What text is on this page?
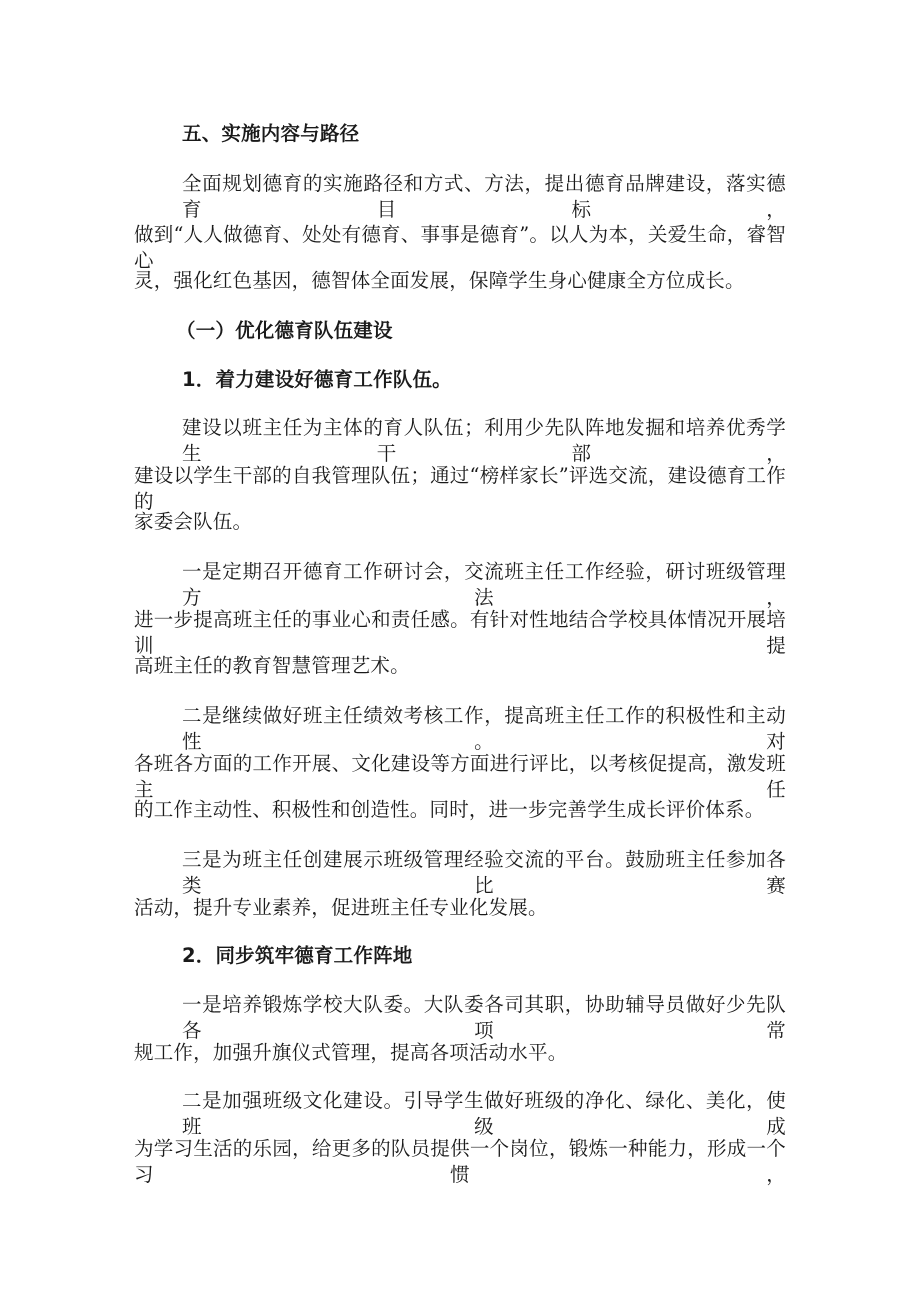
五、实施内容与路径
全面规划德育的实施路径和方式、方法，提出德育品牌建设，落实德育目标，
做到“人人做德育、处处有德育、事事是德育”。以人为本，关爱生命，睿智心
灵，强化红色基因，德智体全面发展，保障学生身心健康全方位成长。
（一）优化德育队伍建设
1．着力建设好德育工作队伍。
建设以班主任为主体的育人队伍；利用少先队阵地发掘和培养优秀学生干部，
建设以学生干部的自我管理队伍；通过“榜样家长”评选交流，建设德育工作的
家委会队伍。
一是定期召开德育工作研讨会，交流班主任工作经验，研讨班级管理方法，
进一步提高班主任的事业心和责任感。有针对性地结合学校具体情况开展培训提
高班主任的教育智慧管理艺术。
二是继续做好班主任绩效考核工作，提高班主任工作的积极性和主动性。对
各班各方面的工作开展、文化建设等方面进行评比，以考核促提高，激发班主任
的工作主动性、积极性和创造性。同时，进一步完善学生成长评价体系。
三是为班主任创建展示班级管理经验交流的平台。鼓励班主任参加各类比赛
活动，提升专业素养，促进班主任专业化发展。
2．同步筑牢德育工作阵地
一是培养锻炼学校大队委。大队委各司其职，协助辅导员做好少先队各项常
规工作，加强升旗仪式管理，提高各项活动水平。
二是加强班级文化建设。引导学生做好班级的净化、绿化、美化，使班级成
为学习生活的乐园，给更多的队员提供一个岗位，锻炼一种能力，形成一个习惯，
